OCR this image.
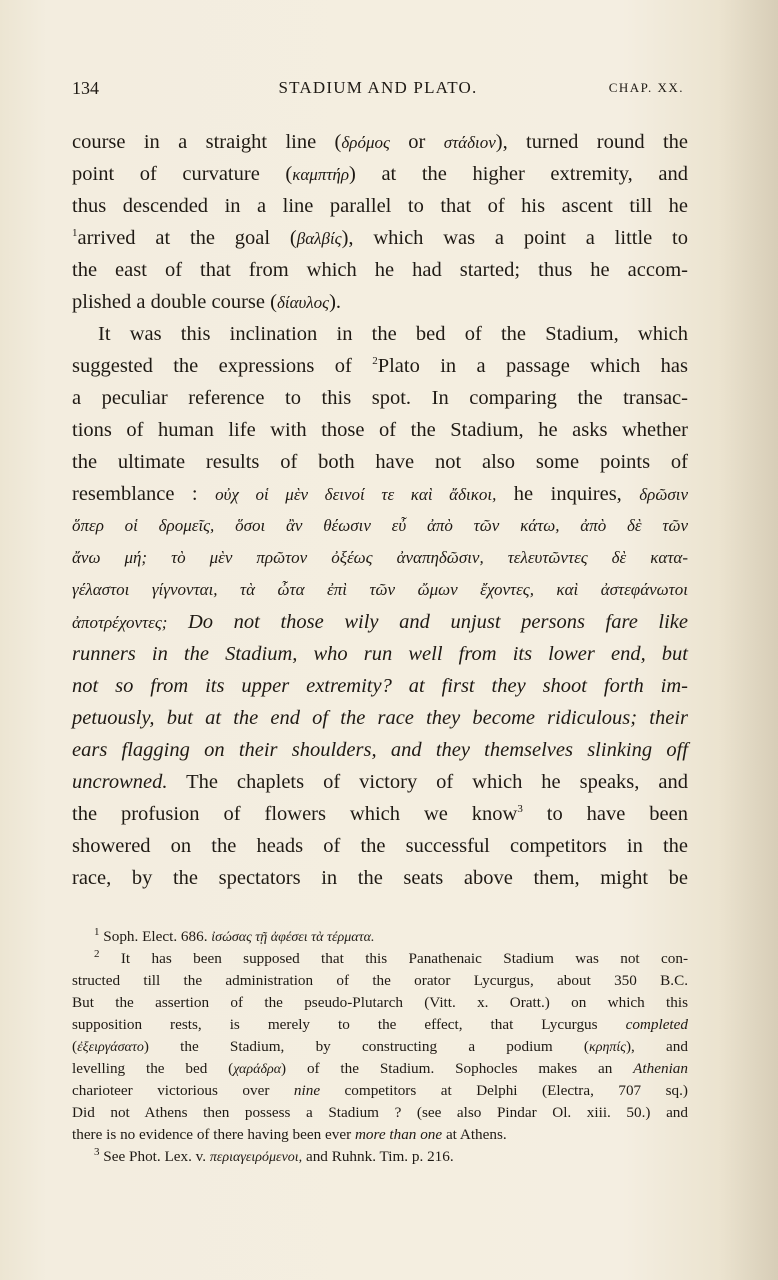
134	STADIUM AND PLATO.	CHAP. XX.
course in a straight line (δρόμος or στάδιον), turned round the
point of curvature (καμπτήρ) at the higher extremity, and
thus descended in a line parallel to that of his ascent till he
$^1$arrived at the goal (βαλβίς), which was a point a little to
the east of that from which he had started; thus he accom-
plished a double course (δίαυλος).
It was this inclination in the bed of the Stadium, which
suggested the expressions of $^2$Plato in a passage which has
a peculiar reference to this spot. In comparing the transac-
tions of human life with those of the Stadium, he asks whether
the ultimate results of both have not also some points of
resemblance : οὐχ οἱ μὲν δεινοί τε καὶ ἄδικοι, he inquires, δρῶσιν
ὅπερ οἱ δρομεῖς, ὅσοι ἂν θέωσιν εὖ ἀπὸ τῶν κάτω, ἀπὸ δὲ τῶν
ἄνω μή; τὸ μὲν πρῶτον ὀξέως ἀναπηδῶσιν, τελευτῶντες δὲ κατα-
γέλαστοι γίγνονται, τὰ ὦτα ἐπὶ τῶν ὤμων ἔχοντες, καὶ ἀστεφάνωτοι
ἀποτρέχοντες; Do not those wily and unjust persons fare like
runners in the Stadium, who run well from its lower end, but
not so from its upper extremity? at first they shoot forth im-
petuously, but at the end of the race they become ridiculous; their
ears flagging on their shoulders, and they themselves slinking off
uncrowned. The chaplets of victory of which he speaks, and
the profusion of flowers which we know$^3$ to have been
showered on the heads of the successful competitors in the
race, by the spectators in the seats above them, might be
$^1$ Soph. Elect. 686. ἰσώσας τῇ ἀφέσει τὰ τέρματα.
$^2$ It has been supposed that this Panathenaic Stadium was not con-
structed till the administration of the orator Lycurgus, about 350 B.C.
But the assertion of the pseudo-Plutarch (Vitt. x. Oratt.) on which this
supposition rests, is merely to the effect, that Lycurgus completed
(ἐξειργάσατο) the Stadium, by constructing a podium (κρηπίς), and
levelling the bed (χαράδρα) of the Stadium. Sophocles makes an Athenian
charioteer victorious over nine competitors at Delphi (Electra, 707 sq.)
Did not Athens then possess a Stadium ? (see also Pindar Ol. xiii. 50.) and
there is no evidence of there having been ever more than one at Athens.
$^3$ See Phot. Lex. v. περιαγειρόμενοι, and Ruhnk. Tim. p. 216.
